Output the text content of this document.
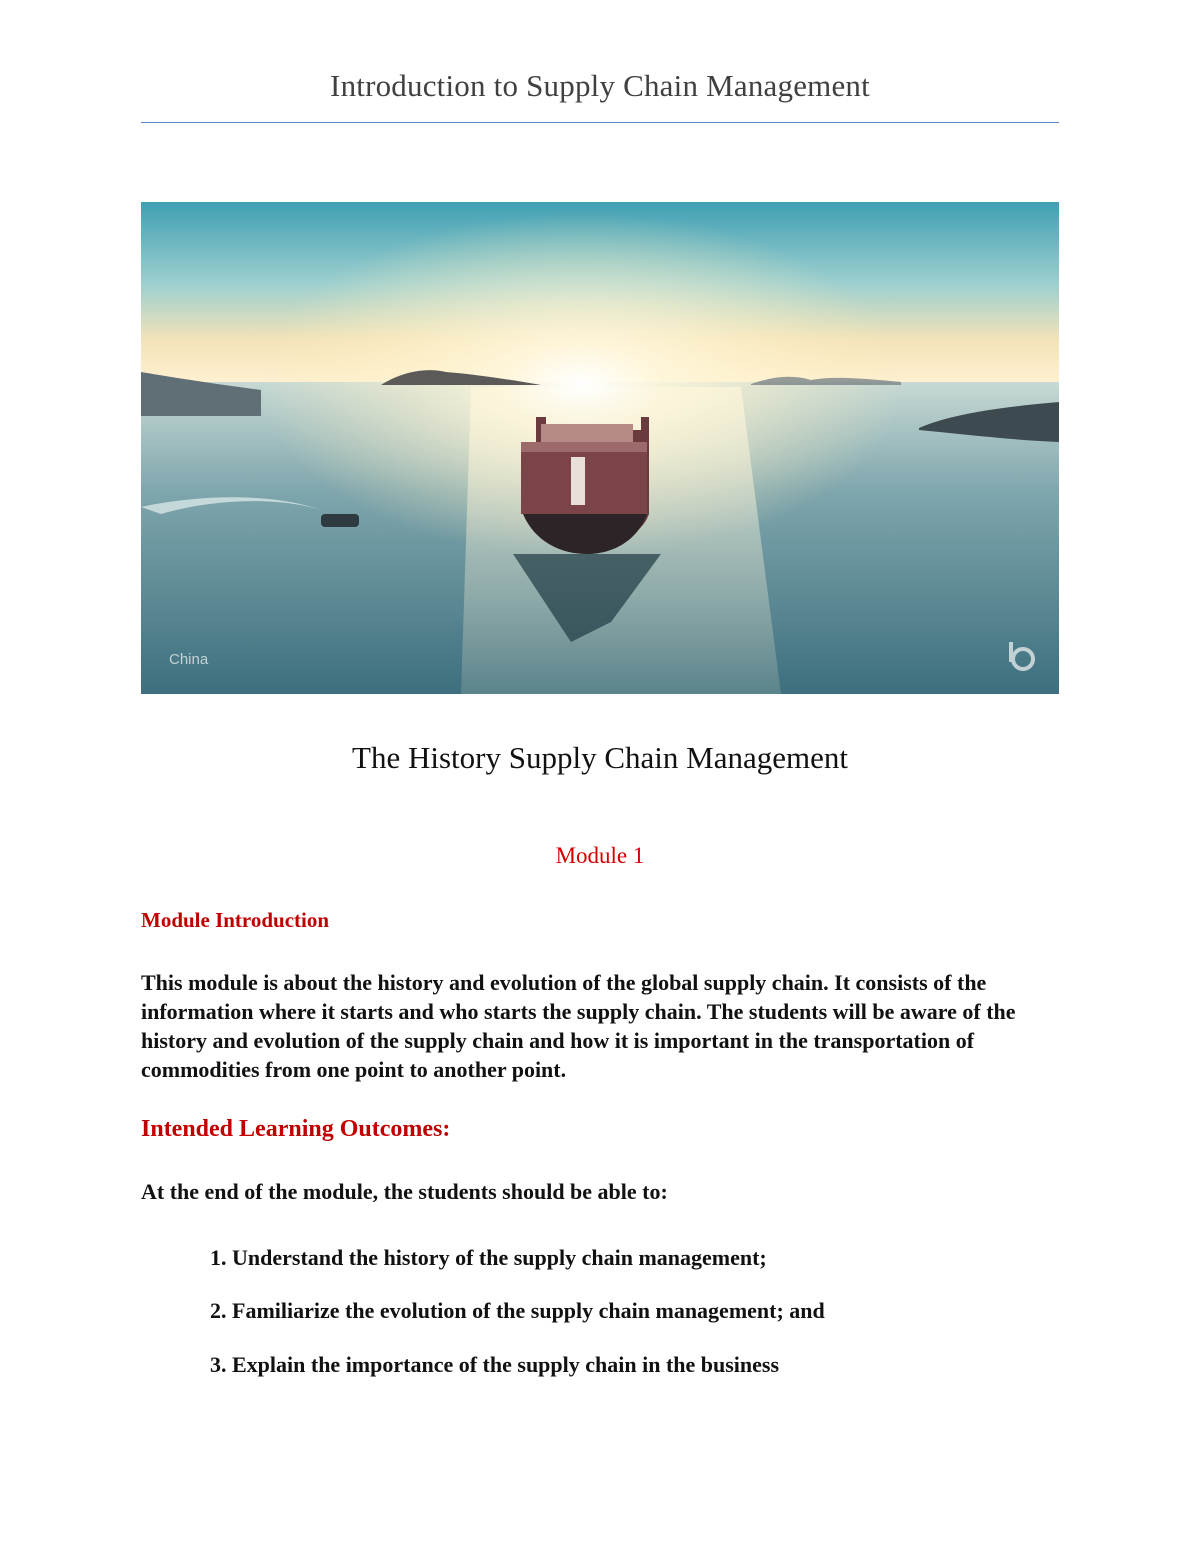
Introduction to Supply Chain Management
China
The History Supply Chain Management
Module 1
Module Introduction
This module is about the history and evolution of the global supply chain. It consists of the information where it starts and who starts the supply chain. The students will be aware of the history and evolution of the supply chain and how it is important in the transportation of commodities from one point to another point.
Intended Learning Outcomes:
At the end of the module, the students should be able to:
1. Understand the history of the supply chain management;
2. Familiarize the evolution of the supply chain management; and
3. Explain the importance of the supply chain in the business
